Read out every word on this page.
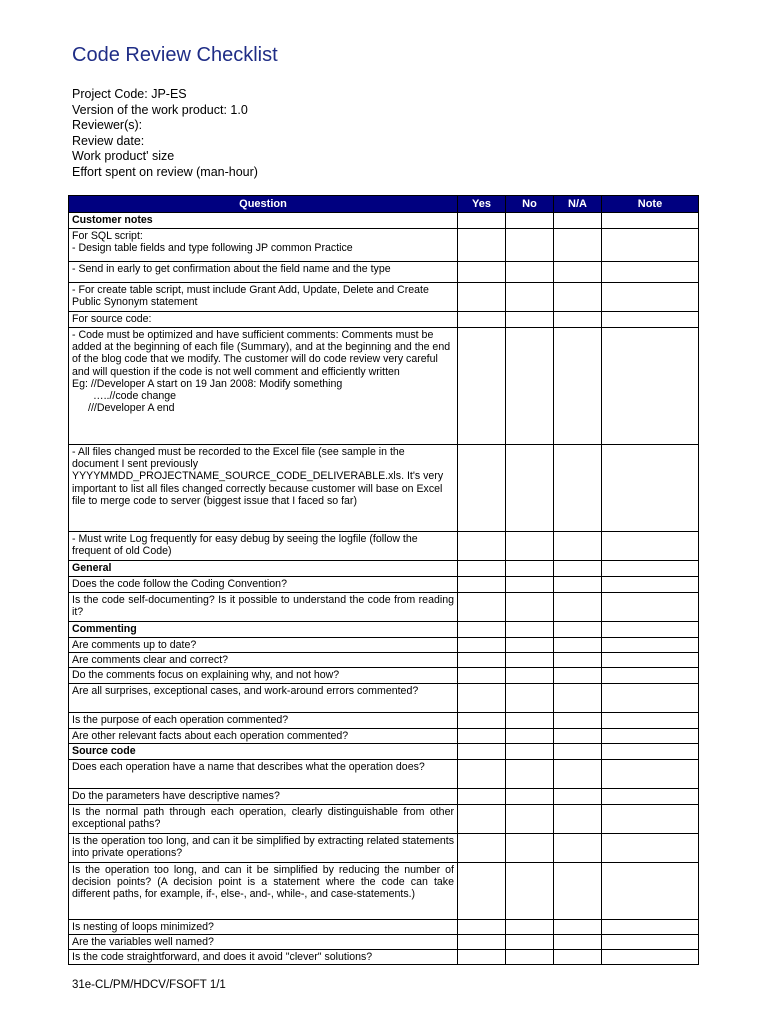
Code Review Checklist
Project Code: JP-ES
Version of the work product: 1.0
Reviewer(s):
Review date:
Work product' size
Effort spent on review (man-hour)
Question	Yes	No	N/A	Note
Customer notes				

For SQL script:
- Design table fields and type following JP common Practice				

- Send in early to get confirmation about the field name and the type				
- For create table script, must include Grant Add, Update, Delete and Create Public Synonym statement				
For source code:				

- Code must be optimized and have sufficient comments: Comments must be added at the beginning of each file (Summary), and at the beginning and the end of the blog code that we modify. The customer will do code review very careful and will question if the code is not well comment and efficiently written
Eg: //Developer A start on 19 Jan 2008: Modify something
…..//code change
///Developer A end				

- All files changed must be recorded to the Excel file (see sample in the document I sent previously YYYYMMDD_PROJECTNAME_SOURCE_CODE_DELIVERABLE.xls. It's very important to list all files changed correctly because customer will base on Excel file to merge code to server (biggest issue that I faced so far)				
- Must write Log frequently for easy debug by seeing the logfile (follow the frequent of old Code)				
General				
Does the code follow the Coding Convention?				
Is the code self-documenting? Is it possible to understand the code from reading it?				
Commenting				
Are comments up to date?				
Are comments clear and correct?				
Do the comments focus on explaining why, and not how?				
Are all surprises, exceptional cases, and work-around errors commented?				
Is the purpose of each operation commented?				
Are other relevant facts about each operation commented?				
Source code				
Does each operation have a name that describes what the operation does?				
Do the parameters have descriptive names?				
Is the normal path through each operation, clearly distinguishable from other exceptional paths?				
Is the operation too long, and can it be simplified by extracting related statements into private operations?				
Is the operation too long, and can it be simplified by reducing the number of decision points? (A decision point is a statement where the code can take different paths, for example, if-, else-, and-, while-, and case-statements.)				
Is nesting of loops minimized?				
Are the variables well named?				
Is the code straightforward, and does it avoid "clever" solutions?				
31e-CL/PM/HDCV/FSOFT 1/1
